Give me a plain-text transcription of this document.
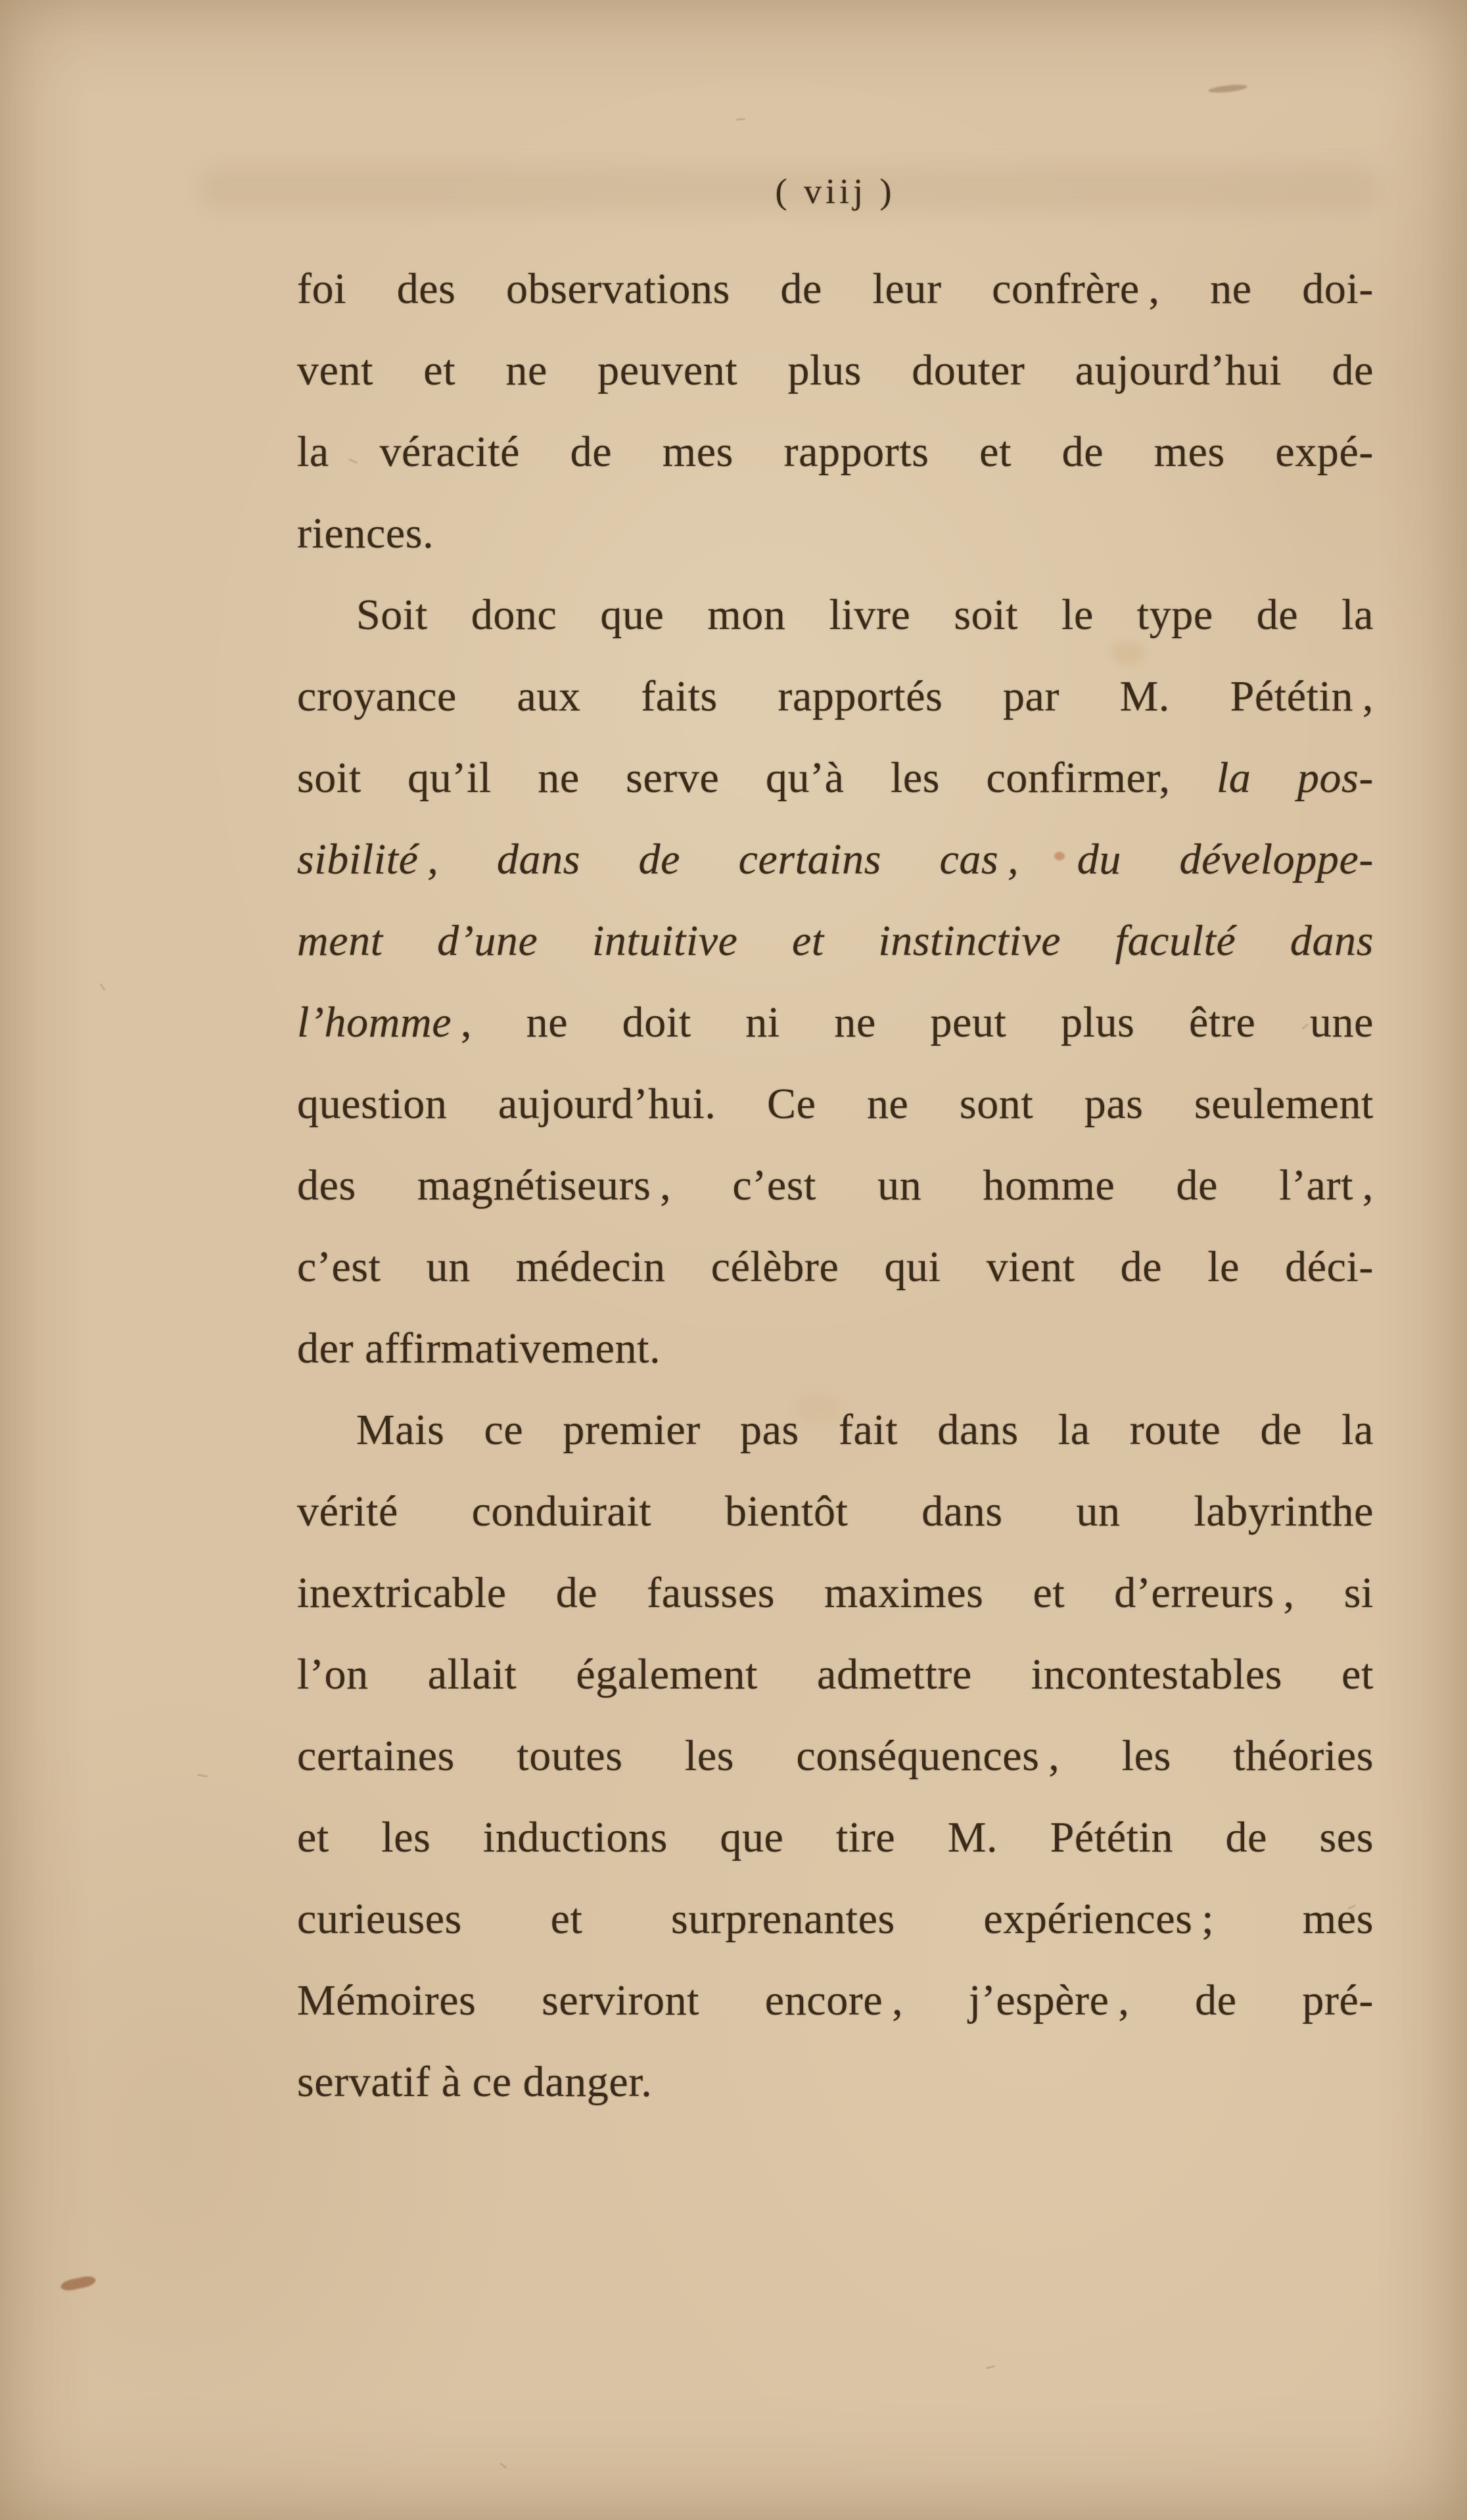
( viij )
foi des observations de leur confrère , ne doi-
vent et ne peuvent plus douter aujourd’hui de
la véracité de mes rapports et de mes expé-
riences.
Soit donc que mon livre soit le type de la
croyance aux faits rapportés par M. Pététin ,
soit qu’il ne serve qu’à les confirmer, la pos-
sibilité , dans de certains cas , du développe-
ment d’une intuitive et instinctive faculté dans
l’homme , ne doit ni ne peut plus être une
question aujourd’hui. Ce ne sont pas seulement
des magnétiseurs , c’est un homme de l’art ,
c’est un médecin célèbre qui vient de le déci-
der affirmativement.
Mais ce premier pas fait dans la route de la
vérité conduirait bientôt dans un labyrinthe
inextricable de fausses maximes et d’erreurs , si
l’on allait également admettre incontestables et
certaines toutes les conséquences , les théories
et les inductions que tire M. Pététin de ses
curieuses et surprenantes expériences ; mes
Mémoires serviront encore , j’espère , de pré-
servatif à ce danger.
